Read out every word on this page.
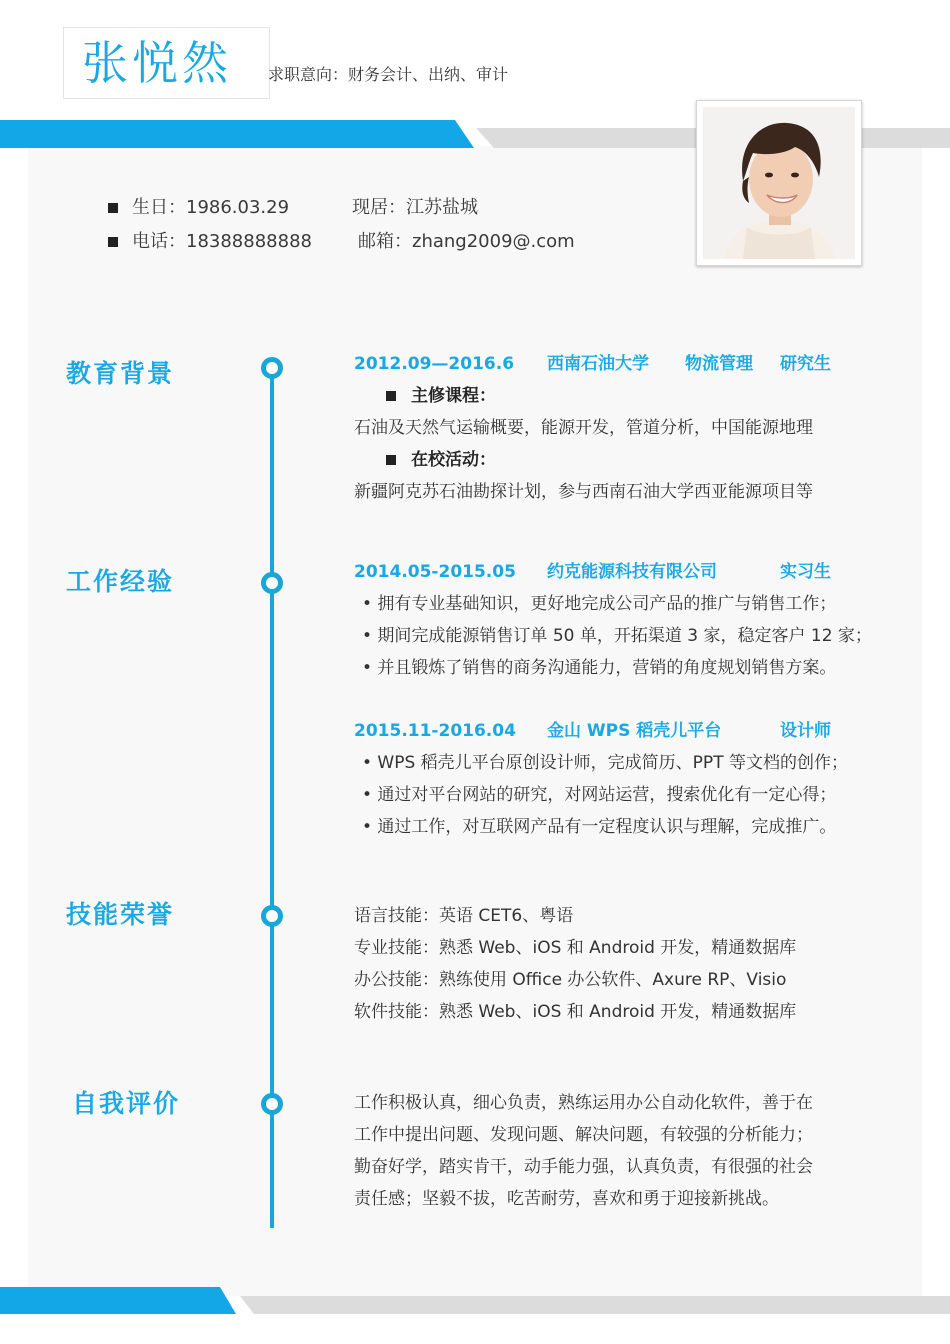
张悦然 求职意向：财务会计、出纳、审计
生日：1986.03.29	现居：江苏盐城
电话：18388888888	邮箱：zhang2009@.com
教育背景	2012.09—2016.6 西南石油大学 物流管理 研究生
主修课程：
石油及天然气运输概要，能源开发，管道分析，中国能源地理
在校活动：
新疆阿克苏石油勘探计划，参与西南石油大学西亚能源项目等
工作经验	2014.05-2015.05 约克能源科技有限公司	实习生
• 拥有专业基础知识，更好地完成公司产品的推广与销售工作；
• 期间完成能源销售订单 50 单，开拓渠道 3 家，稳定客户 12 家；
• 并且锻炼了销售的商务沟通能力，营销的角度规划销售方案。
2015.11-2016.04 金山 WPS 稻壳儿平台	设计师
• WPS 稻壳儿平台原创设计师，完成简历、PPT 等文档的创作；
• 通过对平台网站的研究，对网站运营，搜索优化有一定心得；
• 通过工作，对互联网产品有一定程度认识与理解，完成推广。
技能荣誉	语言技能：英语 CET6、粤语
专业技能：熟悉 Web、iOS 和 Android 开发，精通数据库
办公技能：熟练使用 Office 办公软件、Axure RP、Visio
软件技能：熟悉 Web、iOS 和 Android 开发，精通数据库
自我评价	工作积极认真，细心负责，熟练运用办公自动化软件，善于在
工作中提出问题、发现问题、解决问题，有较强的分析能力；
勤奋好学，踏实肯干，动手能力强，认真负责，有很强的社会
责任感；坚毅不拔，吃苦耐劳，喜欢和勇于迎接新挑战。
